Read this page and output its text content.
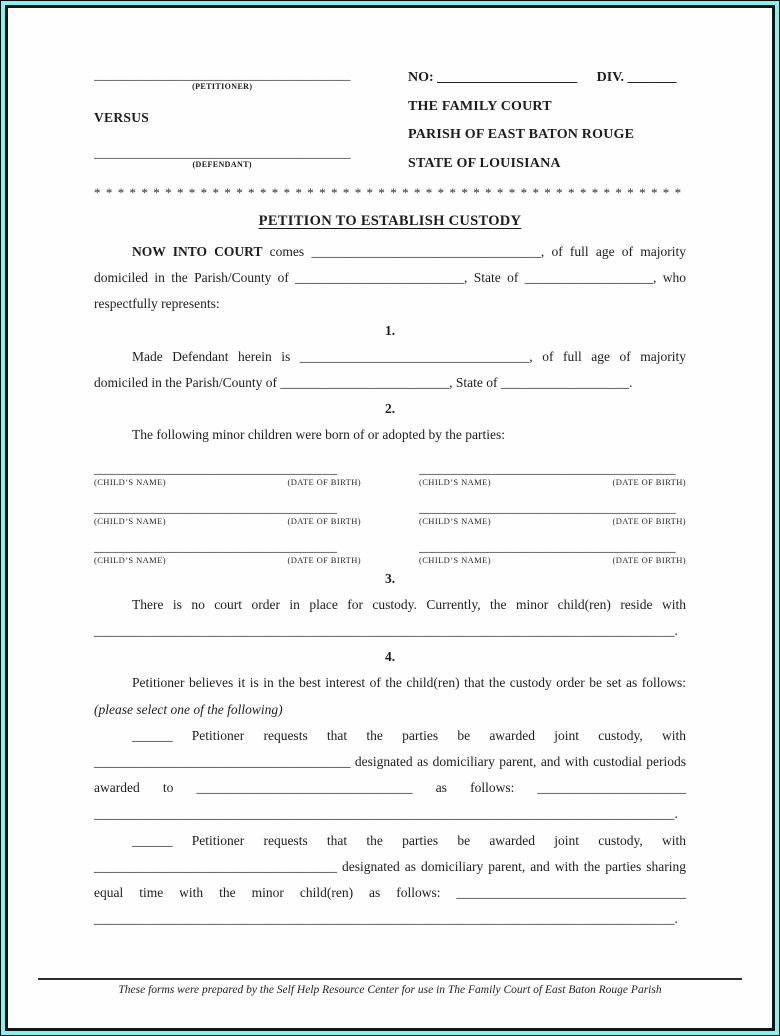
______________________________________
(PETITIONER)
VERSUS
______________________________________
(DEFENDANT)
NO: ____________________ DIV. _______
THE FAMILY COURT
PARISH OF EAST BATON ROUGE
STATE OF LOUISIANA
* * * * * * * * * * * * * * * * * * * * * * * * * * * * * * * * * * * * * * * * * * * * * * * * * *
PETITION TO ESTABLISH CUSTODY

NOW INTO COURT comes __________________________________, of full age of majority domiciled in the Parish/County of _________________________, State of ___________________, who respectfully represents:

1.

Made Defendant herein is __________________________________, of full age of majority domiciled in the Parish/County of _________________________, State of ___________________.

2.

The following minor children were born of or adopted by the parties:

____________________________________
(CHILD’S NAME)	(DATE OF BIRTH)
______________________________________
(CHILD’S NAME)	(DATE OF BIRTH)
____________________________________
(CHILD’S NAME)	(DATE OF BIRTH)
______________________________________
(CHILD’S NAME)	(DATE OF BIRTH)
____________________________________
(CHILD’S NAME)	(DATE OF BIRTH)
______________________________________
(CHILD’S NAME)	(DATE OF BIRTH)

3.

There is no court order in place for custody. Currently, the minor child(ren) reside with ______________________________________________________________________________________.

4.

Petitioner believes it is in the best interest of the child(ren) that the custody order be set as follows: (please select one of the following)

______ Petitioner requests that the parties be awarded joint custody, with ______________________________________ designated as domiciliary parent, and with custodial periods awarded to ________________________________ as follows: ______________________ ______________________________________________________________________________________.

______ Petitioner requests that the parties be awarded joint custody, with ____________________________________ designated as domiciliary parent, and with the parties sharing equal time with the minor child(ren) as follows: __________________________________ ______________________________________________________________________________________.

These forms were prepared by the Self Help Resource Center for use in The Family Court of East Baton Rouge Parish
